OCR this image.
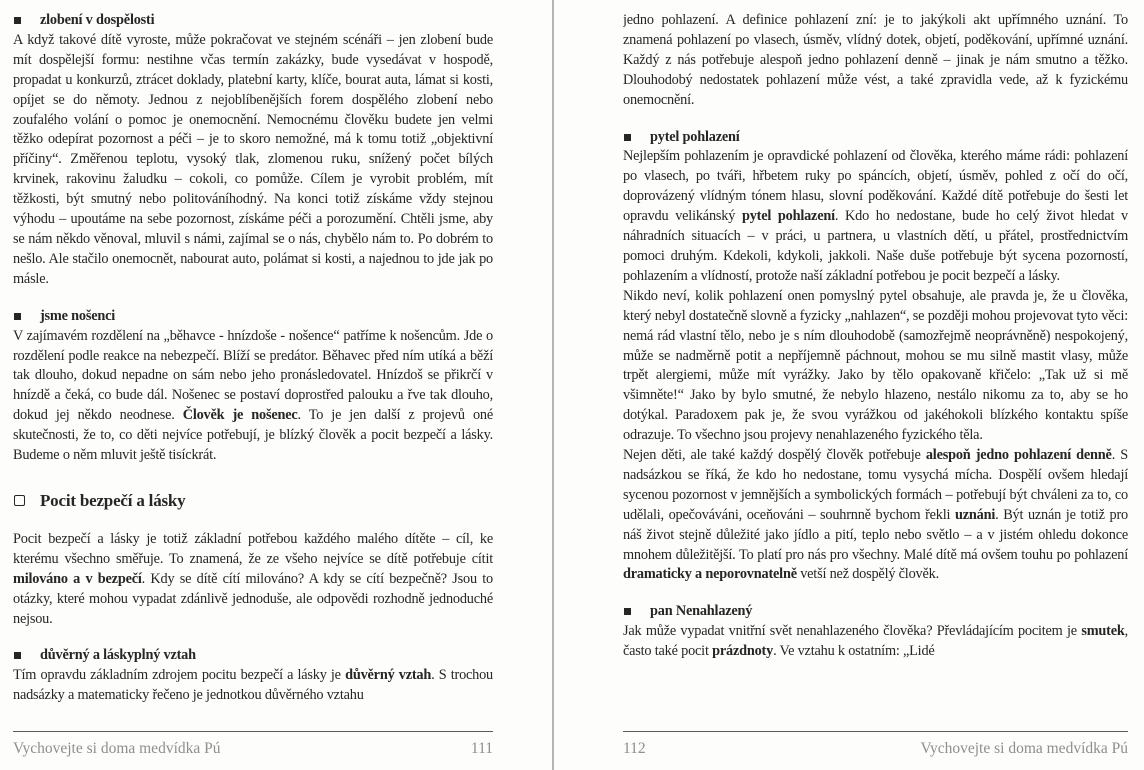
zlobení v dospělosti

A když takové dítě vyroste, může pokračovat ve stejném scénáři – jen zlobení bude mít dospělejší formu: nestihne včas termín zakázky, bude vysedávat v hospodě, propadat u konkurzů, ztrácet doklady, platební karty, klíče, bourat auta, lámat si kosti, opíjet se do němoty. Jednou z nejoblíbenějších forem dospělého zlobení nebo zoufalého volání o pomoc je onemocnění. Nemocnému člověku budete jen velmi těžko odepírat pozornost a péči – je to skoro nemožné, má k tomu totiž „objektivní příčiny“. Změřenou teplotu, vysoký tlak, zlomenou ruku, snížený počet bílých krvinek, rakovinu žaludku – cokoli, co pomůže. Cílem je vyrobit problém, mít těžkosti, být smutný nebo politováníhodný. Na konci totiž získáme vždy stejnou výhodu – upoutáme na sebe pozornost, získáme péči a porozumění. Chtěli jsme, aby se nám někdo věnoval, mluvil s námi, zajímal se o nás, chybělo nám to. Po dobrém to nešlo. Ale stačilo onemocnět, nabourat auto, polámat si kosti, a najednou to jde jak po másle.

jsme nošenci

V zajímavém rozdělení na „běhavce - hnízdoše - nošence“ patříme k nošencům. Jde o rozdělení podle reakce na nebezpečí. Blíží se predátor. Běhavec před ním utíká a běží tak dlouho, dokud nepadne on sám nebo jeho pronásledovatel. Hnízdoš se přikrčí v hnízdě a čeká, co bude dál. Nošenec se postaví doprostřed palouku a řve tak dlouho, dokud jej někdo neodnese. Člověk je nošenec. To je jen další z projevů oné skutečnosti, že to, co děti nejvíce potřebují, je blízký člověk a pocit bezpečí a lásky. Budeme o něm mluvit ještě tisíckrát.

Pocit bezpečí a lásky

Pocit bezpečí a lásky je totiž základní potřebou každého malého dítěte – cíl, ke kterému všechno směřuje. To znamená, že ze všeho nejvíce se dítě potřebuje cítit milováno a v bezpečí. Kdy se dítě cítí milováno? A kdy se cítí bezpečně? Jsou to otázky, které mohou vypadat zdánlivě jednoduše, ale odpovědi rozhodně jednoduché nejsou.

důvěrný a láskyplný vztah

Tím opravdu základním zdrojem pocitu bezpečí a lásky je důvěrný vztah. S trochou nadsázky a matematicky řečeno je jednotkou důvěrného vztahu

Vychovejte si doma medvídka Pú	111

jedno pohlazení. A definice pohlazení zní: je to jakýkoli akt upřímného uznání. To znamená pohlazení po vlasech, úsměv, vlídný dotek, objetí, poděkování, upřímné uznání. Každý z nás potřebuje alespoň jedno pohlazení denně – jinak je nám smutno a těžko. Dlouhodobý nedostatek pohlazení může vést, a také zpravidla vede, až k fyzickému onemocnění.

pytel pohlazení

Nejlepším pohlazením je opravdické pohlazení od člověka, kterého máme rádi: pohlazení po vlasech, po tváři, hřbetem ruky po spáncích, objetí, úsměv, pohled z očí do očí, doprovázený vlídným tónem hlasu, slovní poděkování. Každé dítě potřebuje do šesti let opravdu velikánský pytel pohlazení. Kdo ho nedostane, bude ho celý život hledat v náhradních situacích – v práci, u partnera, u vlastních dětí, u přátel, prostřednictvím pomoci druhým. Kdekoli, kdykoli, jakkoli. Naše duše potřebuje být sycena pozorností, pohlazením a vlídností, protože naší základní potřebou je pocit bezpečí a lásky.

Nikdo neví, kolik pohlazení onen pomyslný pytel obsahuje, ale pravda je, že u člověka, který nebyl dostatečně slovně a fyzicky „nahlazen“, se později mohou projevovat tyto věci: nemá rád vlastní tělo, nebo je s ním dlouhodobě (samozřejmě neoprávněně) nespokojený, může se nadměrně potit a nepříjemně páchnout, mohou se mu silně mastit vlasy, může trpět alergiemi, může mít vyrážky. Jako by tělo opakovaně křičelo: „Tak už si mě všimněte!“ Jako by bylo smutné, že nebylo hlazeno, nestálo nikomu za to, aby se ho dotýkal. Paradoxem pak je, že svou vyrážkou od jakéhokoli blízkého kontaktu spíše odrazuje. To všechno jsou projevy nenahlazeného fyzického těla.

Nejen děti, ale také každý dospělý člověk potřebuje alespoň jedno pohlazení denně. S nadsázkou se říká, že kdo ho nedostane, tomu vysychá mícha. Dospělí ovšem hledají sycenou pozornost v jemnějších a symbolických formách – potřebují být chváleni za to, co udělali, opečováváni, oceňováni – souhrnně bychom řekli uznáni. Být uznán je totiž pro náš život stejně důležité jako jídlo a pití, teplo nebo světlo – a v jistém ohledu dokonce mnohem důležitější. To platí pro nás pro všechny. Malé dítě má ovšem touhu po pohlazení dramaticky a neporovnatelně vetší než dospělý člověk.

pan Nenahlazený

Jak může vypadat vnitřní svět nenahlazeného člověka? Převládajícím pocitem je smutek, často také pocit prázdnoty. Ve vztahu k ostatním: „Lidé

112	Vychovejte si doma medvídka Pú
